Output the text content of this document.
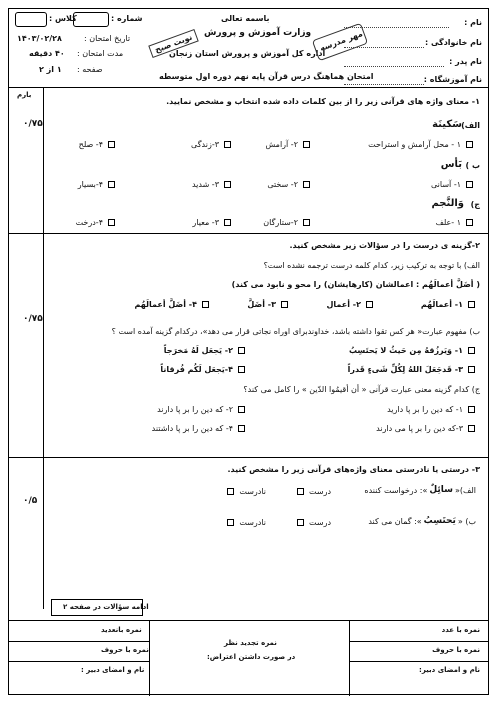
باسمه تعالی
وزارت آموزش و پرورش
اداره کل آموزش و پرورش استان زنجان
امتحان هماهنگ درس قرآن پایه نهم دوره اول متوسطه
نام :
نام خانوادگی :
نام پدر :
نام آموزشگاه :
مهر مدرسه
نوبت صبح
شماره :
کلاس :
تاریخ امتحان :
۱۴۰۳/۰۲/۲۸
مدت امتحان :
۴۰ دقیقه
صفحه :
۱ از ۲
بارم
۱- معنای واژه های قرآنی زیر را از بین کلمات داده شده انتخاب و مشخص نمایید.
۰/۷۵	الف)
سَکینَة
۱ - محل آرامش و استراحت
۲- آرامش
۳-زندگی
۴- صلح
ب )
بَأس
۱- آسانی
۲- سختی
۳- شدید
۴-بسیار
ج)
وَالنَّجم
۱ -علف
۲-ستارگان
۳- معیار
۴-درخت
۲-گزینه ی درست را در سؤالات زیر مشخص کنید.
الف) با توجه به ترکیب زیر، کدام کلمه درست ترجمه نشده است؟
( أضَلَّ أعمالَهُم : اعمالشان (کارهایشان) را محو و نابود می کند)
۰/۷۵
۱- أعمالَهُم
۲- أعمال
۳- أضَلَّ
۴- أضَلَّ أعمالَهُم
ب) مفهوم عبارت« هر کس تقوا داشته باشد، خداوندبرای اوراه نجاتی قرار می دهد»، درکدام گزینه آمده است ؟
۱- وَیَرزُقهُ مِن حَیثُ لا یَحتَسِبُ
۲- یَجعَل لَهُ مَخرَجاً
۳- قَدجَعَلَ اللهُ لِکُلِّ شَیءٍ قَدراً
۴-یَجعَل لَکُم فُرقاناً
ج) کدام گزینه معنی عبارت قرآنی « أن أقیمُوا الدّین » را کامل می کند؟
۱- که دین را بر پا دارید
۲- که دین را بر پا دارند
۳-که دین را بر پا می دارند
۴- که دین را بر پا داشتند
۳- درستی یا نادرستی معنای واژه‌های قرآنی زیر را مشخص کنید.
۰/۵
الف)«
سائِلٌ
»: درخواست کننده
درست
نادرست
ب) «
یَحتَسِبُ
»: گمان می کند
درست
نادرست
ادامه سؤالات در صفحه ۲
نمره با عدد
نمره با حروف
نام و امضای دبیر:
نمره تجدید نظر
در صورت داشتن اعتراض:
نمره بانعدید
نمره با حروف
نام و امضای دبیر :
